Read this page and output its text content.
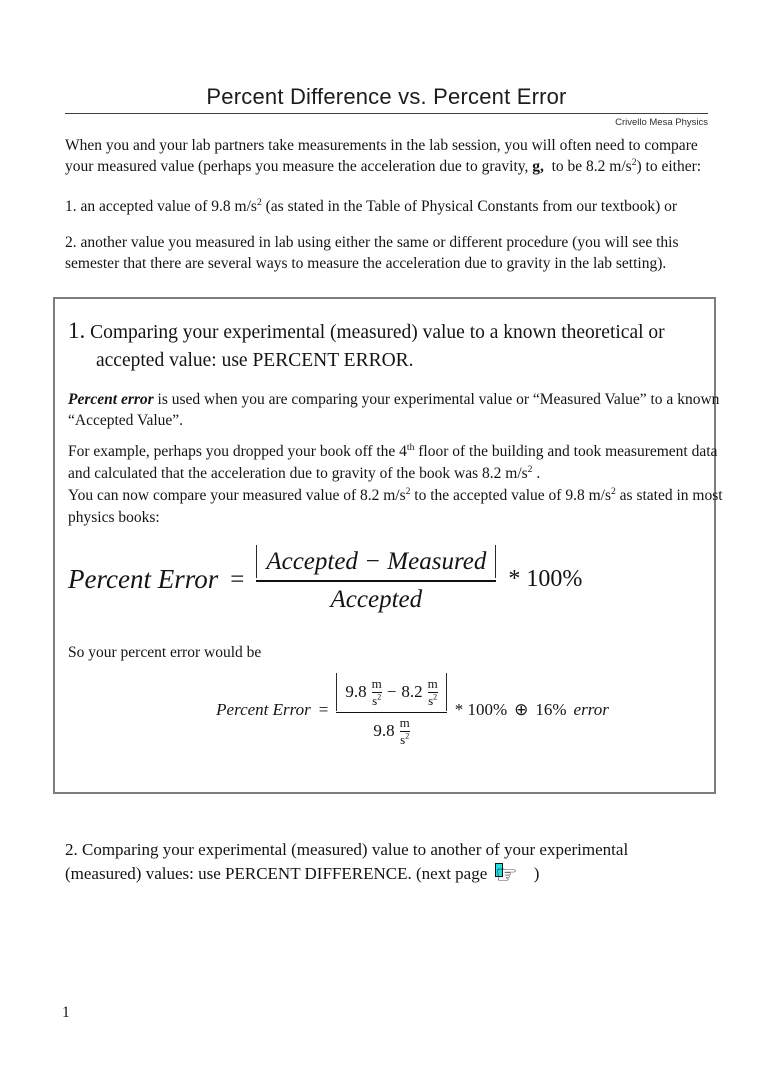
Percent Difference vs. Percent Error
Crivello Mesa Physics
When you and your lab partners take measurements in the lab session, you will often need to compare
your measured value (perhaps you measure the acceleration due to gravity, g,  to be 8.2 $m/s^2$) to either:
1. an accepted value of 9.8 $m/s^2$ (as stated in the Table of Physical Constants from our textbook) or
2. another value you measured in lab using either the same or different procedure (you will see this
semester that there are several ways to measure the acceleration due to gravity in the lab setting).
1. Comparing your experimental (measured) value to a known theoretical or
accepted value: use PERCENT ERROR.
Percent error is used when you are comparing your experimental value or “Measured Value” to a known
“Accepted Value”.
For example, perhaps you dropped your book off the 4th floor of the building and took measurement data
and calculated that the acceleration due to gravity of the book was 8.2 $m/s^2$ .
You can now compare your measured value of 8.2 $m/s^2$ to the accepted value of 9.8 $m/s^2$ as stated in most
physics books:
Percent Error = $\frac{\text{Accepted − Measured}}{\text{Accepted}} * 100\%$
So your percent error would be
Percent Error =
9.8 m
$s^2 - 8.2$ m
$s^2$
9.8 m
$s^2$
* 100% ⊕ 16% error
2. Comparing your experimental (measured) value to another of your experimental
(measured) values: use PERCENT DIFFERENCE. (next page ☞ )
1
